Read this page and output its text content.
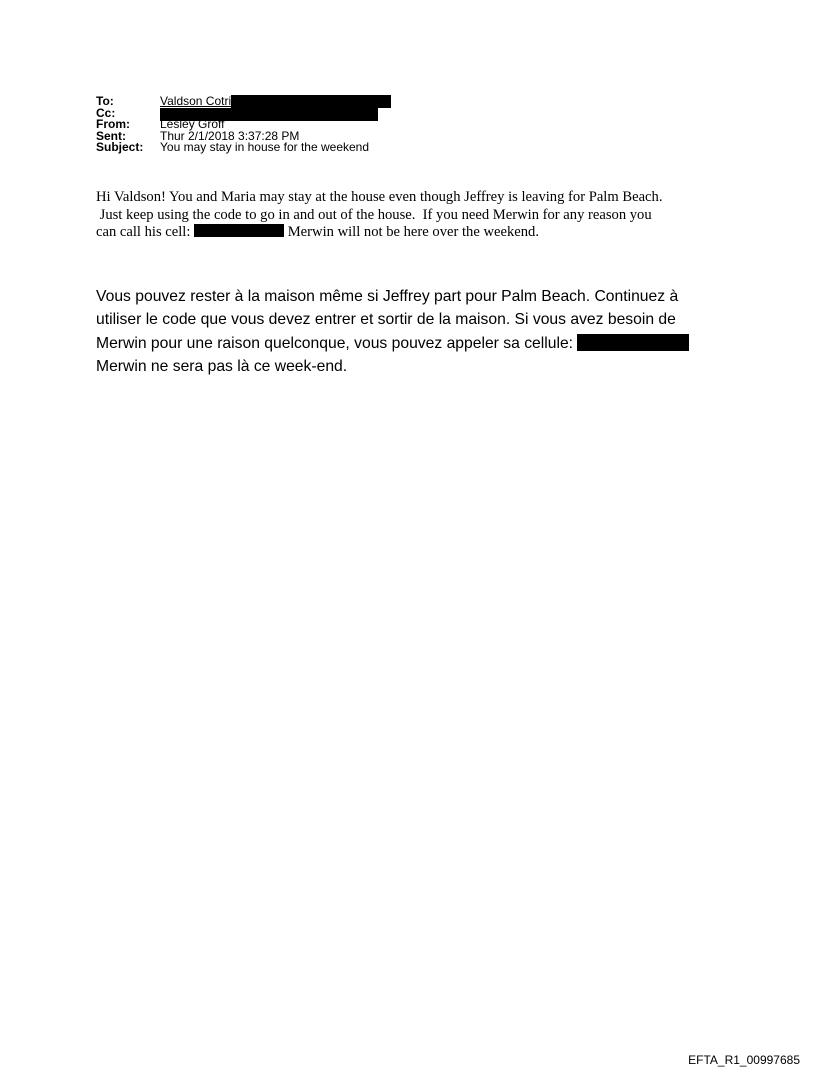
To:	Valdson Cotri
Cc:
From:	Lesley Groff
Sent:	Thur 2/1/2018 3:37:28 PM
Subject:	You may stay in house for the weekend
Hi Valdson! You and Maria may stay at the house even though Jeffrey is leaving for Palm Beach.
Just keep using the code to go in and out of the house.  If you need Merwin for any reason you
can call his cell:	Merwin will not be here over the weekend.
Vous pouvez rester à la maison même si Jeffrey part pour Palm Beach. Continuez à
utiliser le code que vous devez entrer et sortir de la maison. Si vous avez besoin de
Merwin pour une raison quelconque, vous pouvez appeler sa cellule:
Merwin ne sera pas là ce week-end.
EFTA_R1_00997685
